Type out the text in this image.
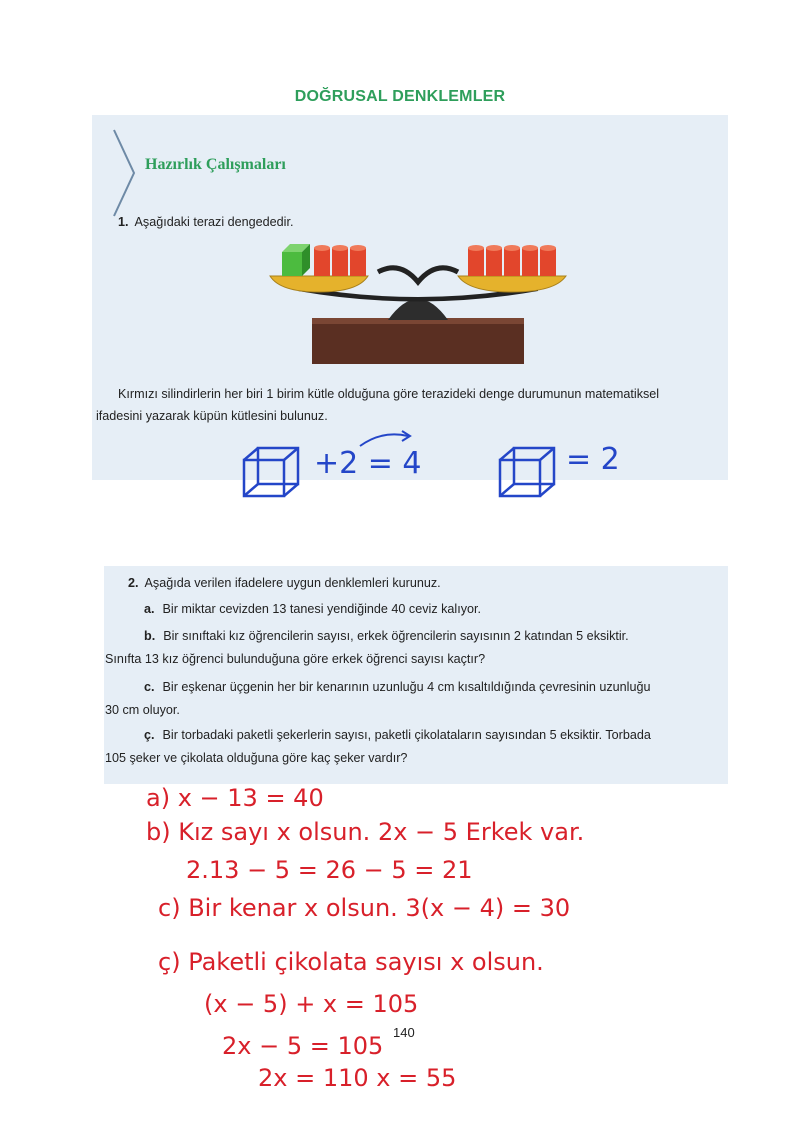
DOĞRUSAL DENKLEMLER
Hazırlık Çalışmaları
1. Aşağıdaki terazi dengededir.
Kırmızı silindirlerin her biri 1 birim kütle olduğuna göre terazideki denge durumunun matematiksel
ifadesini yazarak küpün kütlesini bulunuz.
+2 = 4	= 2
2. Aşağıda verilen ifadelere uygun denklemleri kurunuz.
a. Bir miktar cevizden 13 tanesi yendiğinde 40 ceviz kalıyor.
b. Bir sınıftaki kız öğrencilerin sayısı, erkek öğrencilerin sayısının 2 katından 5 eksiktir.
Sınıfta 13 kız öğrenci bulunduğuna göre erkek öğrenci sayısı kaçtır?
c. Bir eşkenar üçgenin her bir kenarının uzunluğu 4 cm kısaltıldığında çevresinin uzunluğu
30 cm oluyor.
ç. Bir torbadaki paketli şekerlerin sayısı, paketli çikolataların sayısından 5 eksiktir. Torbada
105 şeker ve çikolata olduğuna göre kaç şeker vardır?
a) x − 13 = 40
b) Kız sayı x olsun. 2x − 5 Erkek var.
2.13 − 5 = 26 − 5 = 21
c) Bir kenar x olsun. 3(x − 4) = 30
ç) Paketli çikolata sayısı x olsun.
(x − 5) + x = 105
2x − 5 = 105
2x = 110 x = 55
140
